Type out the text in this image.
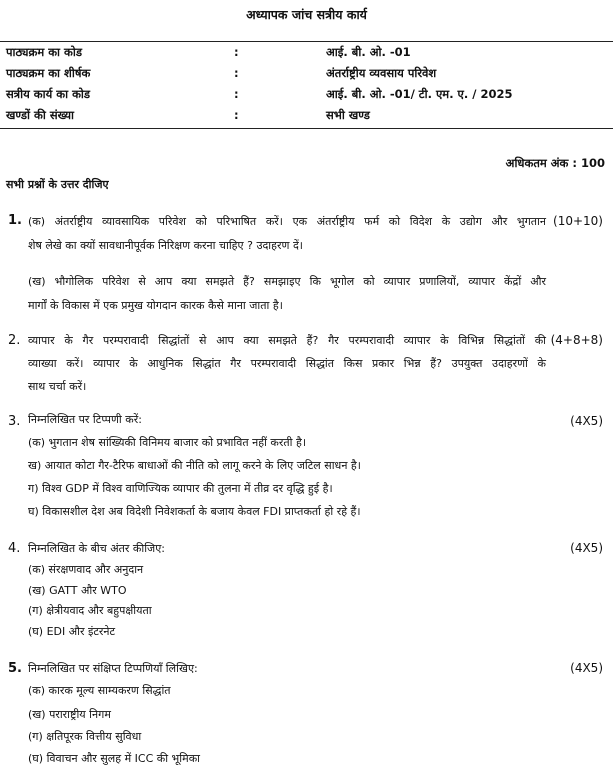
अध्यापक जांच सत्रीय कार्य
पाठ्यक्रम का कोड	:	आई. बी. ओ. -01
पाठ्यक्रम का शीर्षक	:	अंतर्राष्ट्रीय व्यवसाय परिवेश
सत्रीय कार्य का कोड	:	आई. बी. ओ. -01/ टी. एम. ए. / 2025
खण्डों की संख्या	:	सभी खण्ड
अधिकतम अंक : 100
सभी प्रश्नों के उत्तर दीजिए
1.	(10+10)
(क) अंतर्राष्ट्रीय व्यावसायिक परिवेश को परिभाषित करें। एक अंतर्राष्ट्रीय फर्म को विदेश के उद्योग और भुगतान
शेष लेखे का क्यों सावधानीपूर्वक निरिक्षण करना चाहिए ? उदाहरण दें।
(ख) भौगोलिक परिवेश से आप क्या समझते हैं? समझाइए कि भूगोल को व्यापार प्रणालियों, व्यापार केंद्रों और
मार्गों के विकास में एक प्रमुख योगदान कारक कैसे माना जाता है।
2.	(4+8+8)
व्यापार के गैर परम्परावादी सिद्धांतों से आप क्या समझते हैं? गैर परम्परावादी व्यापार के विभिन्न सिद्धांतों की
व्याख्या करें। व्यापार के आधुनिक सिद्धांत गैर परम्परावादी सिद्धांत किस प्रकार भिन्न हैं? उपयुक्त उदाहरणों के
साथ चर्चा करें।
3.	(4X5)
निम्नलिखित पर टिप्पणी करें:
(क) भुगतान शेष सांख्यिकी विनिमय बाजार को प्रभावित नहीं करती है।
ख) आयात कोटा गैर-टैरिफ बाधाओं की नीति को लागू करने के लिए जटिल साधन है।
ग) विश्व GDP में विश्व वाणिज्यिक व्यापार की तुलना में तीव्र दर वृद्धि हुई है।
घ) विकासशील देश अब विदेशी निवेशकर्ता के बजाय केवल FDI प्राप्तकर्ता हो रहे हैं।
4.	(4X5)
निम्नलिखित के बीच अंतर कीजिए:
(क) संरक्षणवाद और अनुदान
(ख) GATT और WTO
(ग) क्षेत्रीयवाद और बहुपक्षीयता
(घ) EDI और इंटरनेट
5.	(4X5)
निम्नलिखित पर संक्षिप्त टिप्पणियाँ लिखिए:
(क) कारक मूल्य साम्यकरण सिद्धांत
(ख) पराराष्ट्रीय निगम
(ग) क्षतिपूरक वित्तीय सुविधा
(घ) विवाचन और सुलह में ICC की भूमिका
